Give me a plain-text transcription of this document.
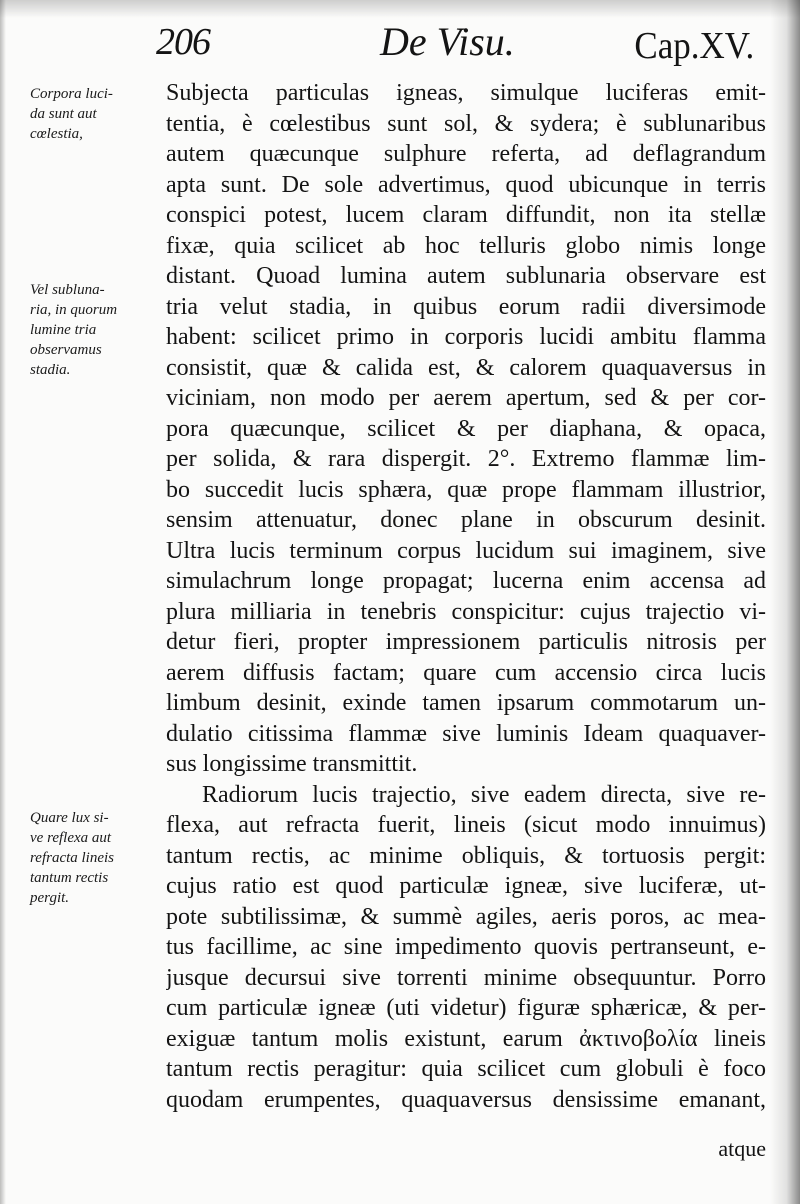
206	De Visu.	Cap.XV.
Corpora luci-
da sunt aut
cœlestia,
Vel subluna-
ria, in quorum
lumine tria
observamus
stadia.
Quare lux si-
ve reflexa aut
refracta lineis
tantum rectis
pergit.
Subjecta particulas igneas, simulque luciferas emit-
tentia, è cœlestibus sunt sol, & sydera; è sublunaribus
autem quæcunque sulphure referta, ad deflagrandum
apta sunt. De sole advertimus, quod ubicunque in terris
conspici potest, lucem claram diffundit, non ita stellæ
fixæ, quia scilicet ab hoc telluris globo nimis longe
distant. Quoad lumina autem sublunaria observare est
tria velut stadia, in quibus eorum radii diversimode
habent: scilicet primo in corporis lucidi ambitu flamma
consistit, quæ & calida est, & calorem quaquaversus in
viciniam, non modo per aerem apertum, sed & per cor-
pora quæcunque, scilicet & per diaphana, & opaca,
per solida, & rara dispergit. 2°. Extremo flammæ lim-
bo succedit lucis sphæra, quæ prope flammam illustrior,
sensim attenuatur, donec plane in obscurum desinit.
Ultra lucis terminum corpus lucidum sui imaginem, sive
simulachrum longe propagat; lucerna enim accensa ad
plura milliaria in tenebris conspicitur: cujus trajectio vi-
detur fieri, propter impressionem particulis nitrosis per
aerem diffusis factam; quare cum accensio circa lucis
limbum desinit, exinde tamen ipsarum commotarum un-
dulatio citissima flammæ sive luminis Ideam quaquaver-
sus longissime transmittit.
Radiorum lucis trajectio, sive eadem directa, sive re-
flexa, aut refracta fuerit, lineis (sicut modo innuimus)
tantum rectis, ac minime obliquis, & tortuosis pergit:
cujus ratio est quod particulæ igneæ, sive luciferæ, ut-
pote subtilissimæ, & summè agiles, aeris poros, ac mea-
tus facillime, ac sine impedimento quovis pertranseunt, e-
jusque decursui sive torrenti minime obsequuntur. Porro
cum particulæ igneæ (uti videtur) figuræ sphæricæ, & per-
exiguæ tantum molis existunt, earum ἀκτινοβολία lineis
tantum rectis peragitur: quia scilicet cum globuli è foco
quodam erumpentes, quaquaversus densissime emanant,
atque
